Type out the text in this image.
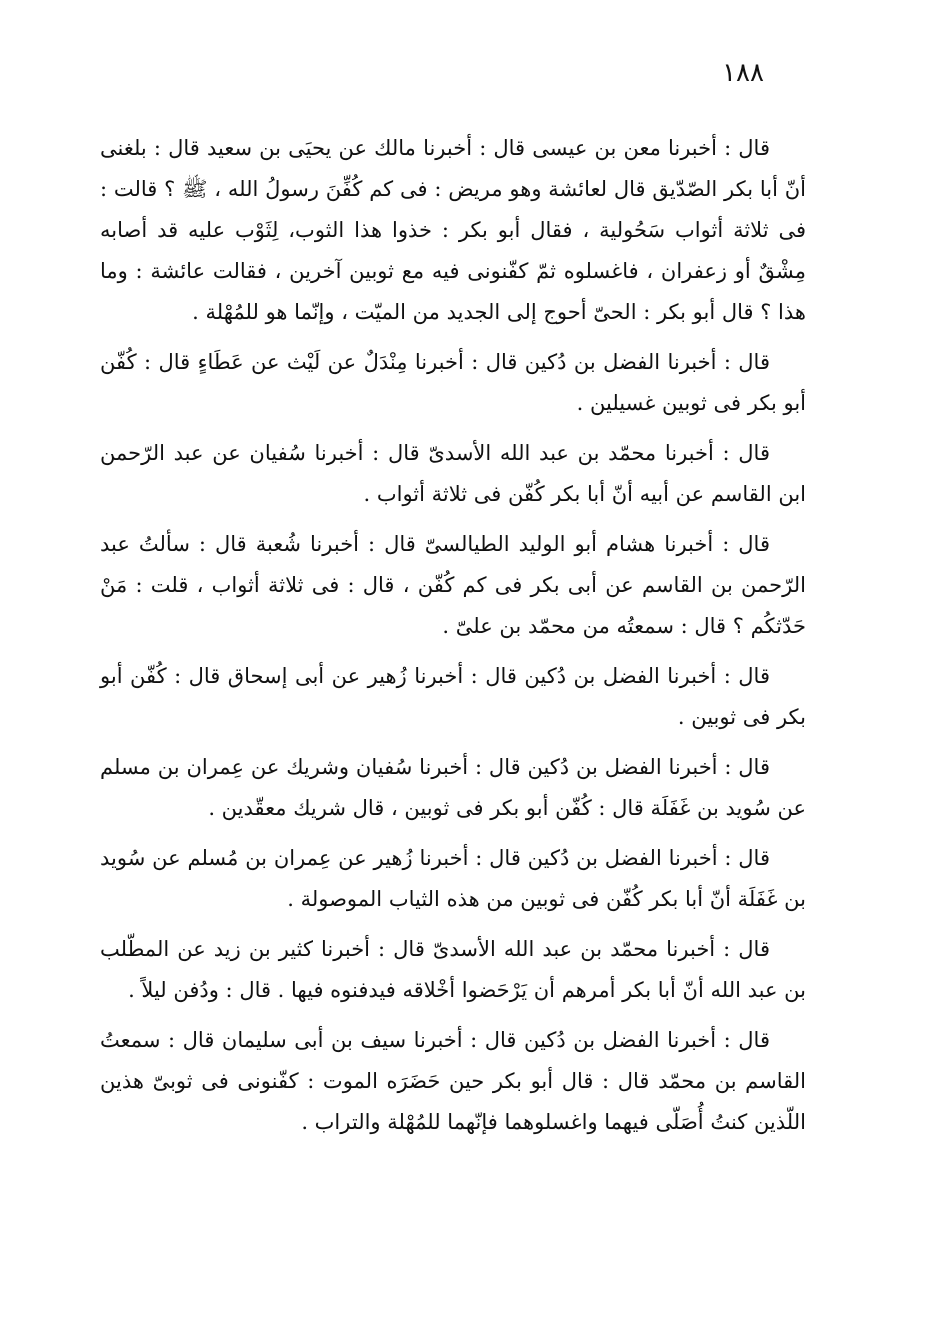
١٨٨

قال : أخبرنا معن بن عيسى قال : أخبرنا مالك عن يحيَى بن سعيد قال : بلغنى أنّ أبا بكر الصّدّيق قال لعائشة وهو مريض : فى كم كُفِّنَ رسولُ الله ، ﷺ ؟ قالت : فى ثلاثة أثواب سَحُولية ، فقال أبو بكر : خذوا هذا الثوب، لِثَوْب عليه قد أصابه مِشْقٌ أو زعفران ، فاغسلوه ثمّ كفّنونى فيه مع ثوبين آخرين ، فقالت عائشة : وما هذا ؟ قال أبو بكر : الحىّ أحوج إلى الجديد من الميّت ، وإنّما هو للمُهْلة .

قال : أخبرنا الفضل بن دُكين قال : أخبرنا مِنْدَلٌ عن لَيْث عن عَطَاءٍ قال : كُفّن أبو بكر فى ثوبين غسيلين .

قال : أخبرنا محمّد بن عبد الله الأسدىّ قال : أخبرنا سُفيان عن عبد الرّحمن ابن القاسم عن أبيه أنّ أبا بكر كُفّن فى ثلاثة أثواب .

قال : أخبرنا هشام أبو الوليد الطيالسىّ قال : أخبرنا شُعبة قال : سألتُ عبد الرّحمن بن القاسم عن أبى بكر فى كم كُفّن ، قال : فى ثلاثة أثواب ، قلت : مَنْ حَدّثكُم ؟ قال : سمعتُه من محمّد بن علىّ .

قال : أخبرنا الفضل بن دُكين قال : أخبرنا زُهير عن أبى إسحاق قال : كُفّن أبو بكر فى ثوبين .

قال : أخبرنا الفضل بن دُكين قال : أخبرنا سُفيان وشريك عن عِمران بن مسلم عن سُويد بن غَفَلَة قال : كُفّن أبو بكر فى ثوبين ، قال شريك معقّدين .

قال : أخبرنا الفضل بن دُكين قال : أخبرنا زُهير عن عِمران بن مُسلم عن سُويد بن غَفَلَة أنّ أبا بكر كُفّن فى ثوبين من هذه الثياب الموصولة .

قال : أخبرنا محمّد بن عبد الله الأسدىّ قال : أخبرنا كثير بن زيد عن المطّلب بن عبد الله أنّ أبا بكر أمرهم أن يَرْحَضوا أخْلاقه فيدفنوه فيها . قال : ودُفن ليلاً .

قال : أخبرنا الفضل بن دُكين قال : أخبرنا سيف بن أبى سليمان قال : سمعتُ القاسم بن محمّد قال : قال أبو بكر حين حَضَرَه الموت : كفّنونى فى ثوبىّ هذين اللّذين كنتُ أُصَلّى فيهما واغسلوهما فإنّهما للمُهْلة والتراب .
